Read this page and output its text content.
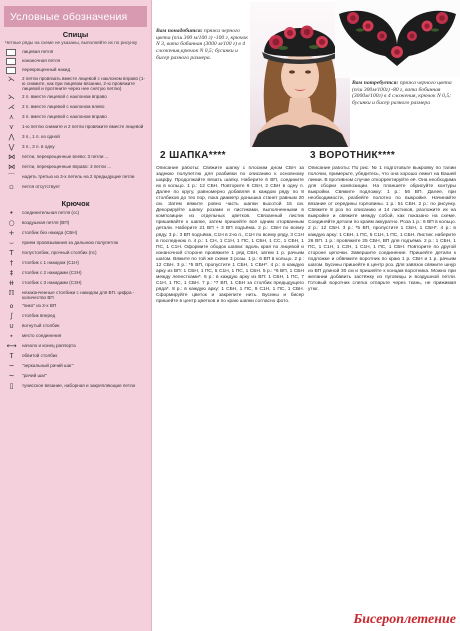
Условные обозначения
Спицы
Четные ряды на схеме не указаны, выполняйте их по рисунку
лицевая петля
изнаночная петля
перекрещенный накид
⋋ 2 петли провязать вместе лицевой с наклоном вправо (1-ю снимите, как при лицевом вязании, 2-ю провяжите лицевой и протяните через нее снятую петлю)
⋋ 2 п. вместе лицевой с наклоном вправо
⋌ 2 п. вместе лицевой с наклоном влево
⋏ 3 п. вместе лицевой с наклоном вправо
⋎ 1-ю петлю снимите и 2 петли провяжите вместе лицевой
⋀ 3 п., 1 п. из одной
⋁ 3 п., 3 п. в одну
⋈ петли, перекрещенные влево: 3 петли ...
⋈ петли, перекрещенные вправо: 3 петли ...
⌒ надеть третью из 3-х петель на 2 предыдущие петли
▫ петля отсутствует
Крючок
• соединительная петля (сс)
○ воздушная петля (ВП)
+ столбик без накида (СБН)
⌣ прием провязывания за дальнюю полупетлю
T полустолбик, прочный столбик (пс)
† столбик с 1 накидом (С1Н)
‡ столбик с 2 накидами (С2Н)
⧺ столбик с 3 накидами (С3Н)
ℿ незаконченные столбики с накидом для ВП. цифра - количество ВП
ⲟ "пико" из 3-х ВП
∫ столбик вперед
∪ вогнутый столбик
⋆ место соединения
⟷ начало и конец раппорта
Ⲧ обвитой столбик
~ "зеркальный рачий шаг"
~ "рачий шаг"
▯ тунисское вязание, наборная и закрепляющие петли
Вам понадобится: пряжа черного цвета (п/ш 300 м/100 г) -100 г, крючок N 3, вата бобинная (3000 м/100 г) в 4 сложения,крючок N 0,5; бусинки и бисер разного размера.
Вам потребуется: пряжа черного цвета (п/ш 300м/100г) -80 г, вата бобинная (3000м/100г) в 4 сложения, крючок N 0,5; бусинки и бисер разного размера
2 ШАПКА****	3 ВОРОТНИК****
Описание работы: Свяжите шапку с плоским дном СБН за заднюю полупетлю для разбивки по описанию к основному шарфу. Продолжайте вязать шапку. Наберите 6 ВП, соедините их в кольцо. 1 р.: 12 СБН. Повторите 6 СБН, 2 СБН в одну п. Далее по кругу, равномерно добавляя в каждом ряду по 8 столбиков до тех пор, пока диаметр донышка станет равным 20 см. Затем вяжите ровно часть шапки высотой 15 см. Декорируйте шапку розами и листиками, выполненными в композиции из отдельных цветков. Связанный листик пришивайте к шапке, затем пришейте всё одним оторванным детали. Наберите 21 ВП + 3 ВП подъёма. 2 р.: СБН по всему ряду. 3 р.: 3 ВП подъёма, С1Н в 2-ю п., С1Н по всему ряду, 3 С1Н в последнюю п. 4 р.: 1 СН, 1 С1Н, 1 ПС, 1 СБН, 1 СС, 1 СБН, 1 ПС, 1 С1Н. Оформите ободок шапки: вдоль края по лицевой и изнаночной стороне провяжите 1 ряд СБН, затем 1 р. рачьим шагом. Вяжите по той же схеме 3 розы. 1 р.: 6 ВП в кольцо. 2 р.: 12 СБН. 3 р.: *5 ВП, пропустите 1 СБН, 1 СБН*. 4 р.: в каждую арку из ВП: 1 СБН, 1 ПС, 5 С1Н, 1 ПС, 1 СБН. 5 р.: *6 ВП, 1 СБН между лепестками*. 6 р.: в каждую арку из ВП: 1 СБН, 1 ПС, 7 С1Н, 1 ПС, 1 СБН. 7 р.: *7 ВП, 1 СБН за столбик предыдущего ряда*. 8 р.: в каждую арку: 1 СБН, 1 ПС, 9 С1Н, 1 ПС, 1 СБН. Сформируйте цветок и закрепите нить. Бусины и бисер пришейте в центр цветков и по краю шапки согласно фото.
Описание работы: По рис. № 1 подготовьте выкройку по талии полочки, примерьте, убедитесь, что она хорошо лежит на Вашей линии. В противном случае откорректируйте её. Она необходима для сборки композиции. На планшете обрисуйте контуры выкройки. Свяжите подложку: 1 р.: 56 ВП. Далее, при необходимости, разбейте полотно по выкройке. Начинайте вязание от середины горловины. 1 р.: 51 СБН. 2 р.: по рисунку. Свяжите 8 роз по описанию и 14 листиков, разложите их на выкройке и свяжите между собой, как показано на схеме. Соединяйте детали по краям аккуратно. Роза 1 р.: 6 ВП в кольцо. 2 р.: 12 СБН. 3 р.: *5 ВП, пропустите 1 СБН, 1 СБН*. 4 р.: в каждую арку: 1 СБН, 1 ПС, 5 С1Н, 1 ПС, 1 СБН. Листик: наберите 26 ВП. 1 р.: провяжите 25 СБН, ВП для подъёма. 2 р.: 1 СБН, 1 ПС, 1 С1Н, 1 С2Н, 1 С1Н, 1 ПС, 1 СБН. Повторите по другой стороне цепочки. Завершите соединение. Пришейте детали к подложке и обвяжите воротник по краю 1 р. СБН и 1 р. рачьим шагом. Бусины пришейте в центр роз. Для завязок свяжите шнур из ВП длиной 30 см и пришейте к концам воротника. Можно при желании добавить застёжку из пуговицы и воздушной петли. Готовый воротник слегка отпарьте через ткань, не прижимая утюг.
Бисероплетение
